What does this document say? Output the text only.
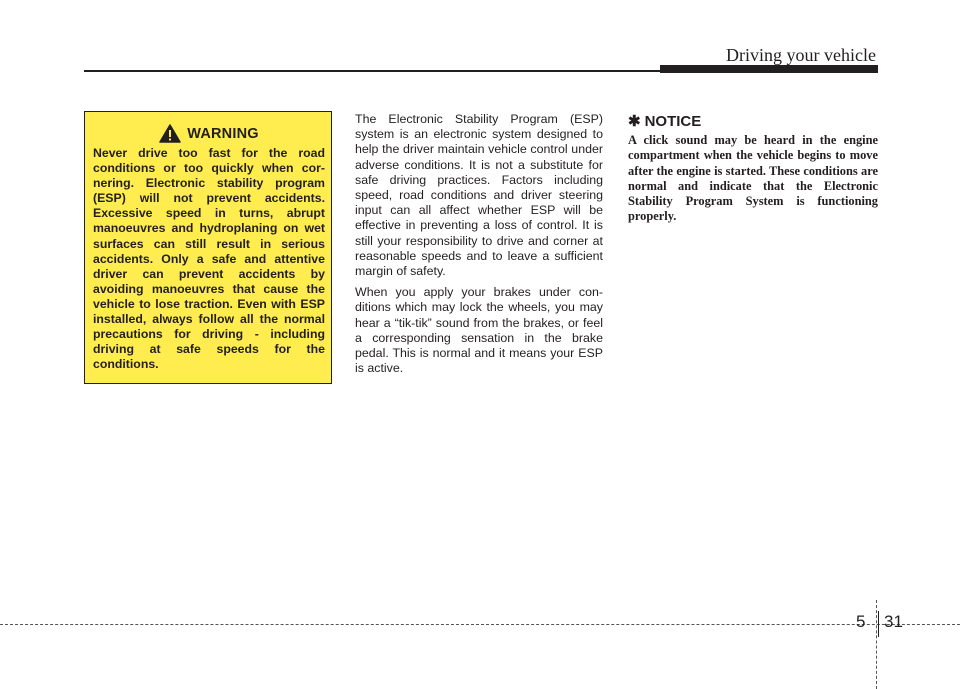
Driving your vehicle
WARNING

Never drive too fast for the road conditions or too quickly when cornering. Electronic stability program (ESP) will not prevent accidents. Excessive speed in turns, abrupt manoeuvres and hydroplaning on wet surfaces can still result in serious accidents. Only a safe and attentive driver can prevent accidents by avoiding manoeuvres that cause the vehicle to lose traction. Even with ESP installed, always follow all the normal precautions for driving - including driving at safe speeds for the conditions.

The Electronic Stability Program (ESP) system is an electronic system designed to help the driver maintain vehicle control under adverse conditions. It is not a substitute for safe driving practices. Factors including speed, road conditions and driver steering input can all affect whether ESP will be effective in preventing a loss of control. It is still your responsibility to drive and corner at reasonable speeds and to leave a sufficient margin of safety.

When you apply your brakes under conditions which may lock the wheels, you may hear a “tik-tik” sound from the brakes, or feel a corresponding sensation in the brake pedal. This is normal and it means your ESP is active.

✱ NOTICE

A click sound may be heard in the engine compartment when the vehicle begins to move after the engine is started. These conditions are normal and indicate that the Electronic Stability Program System is functioning properly.

5 31
